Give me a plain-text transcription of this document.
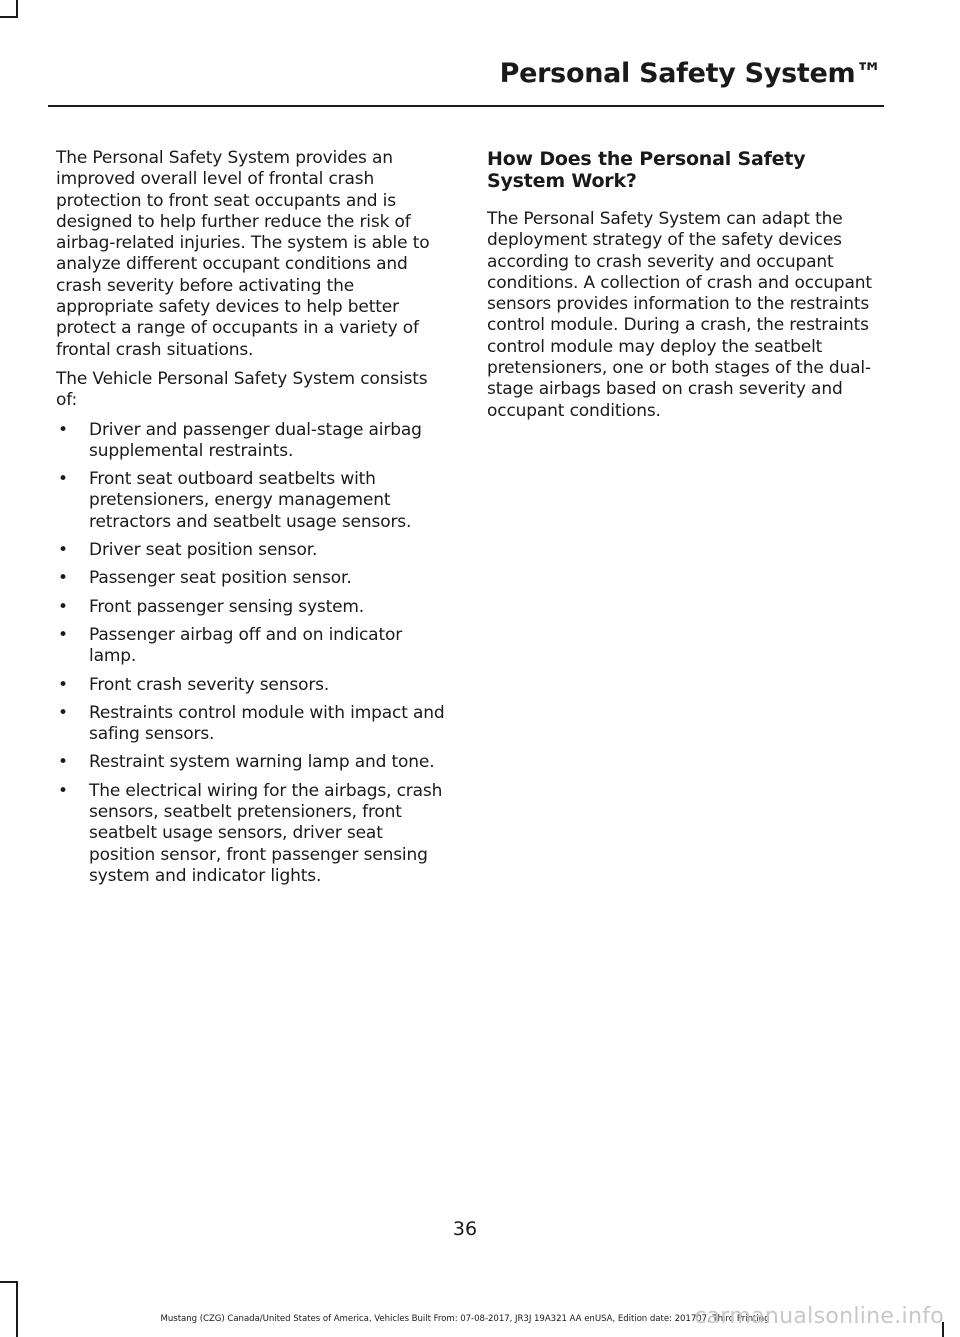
Personal Safety System™

The Personal Safety System provides an improved overall level of frontal crash protection to front seat occupants and is designed to help further reduce the risk of airbag-related injuries. The system is able to analyze different occupant conditions and crash severity before activating the appropriate safety devices to help better protect a range of occupants in a variety of frontal crash situations.

The Vehicle Personal Safety System consists of:

• Driver and passenger dual-stage airbag supplemental restraints.
• Front seat outboard seatbelts with pretensioners, energy management retractors and seatbelt usage sensors.
• Driver seat position sensor.
• Passenger seat position sensor.
• Front passenger sensing system.
• Passenger airbag off and on indicator lamp.
• Front crash severity sensors.
• Restraints control module with impact and safing sensors.
• Restraint system warning lamp and tone.
• The electrical wiring for the airbags, crash sensors, seatbelt pretensioners, front seatbelt usage sensors, driver seat position sensor, front passenger sensing system and indicator lights.
How Does the Personal Safety System Work?

The Personal Safety System can adapt the deployment strategy of the safety devices according to crash severity and occupant conditions. A collection of crash and occupant sensors provides information to the restraints control module. During a crash, the restraints control module may deploy the seatbelt pretensioners, one or both stages of the dual-stage airbags based on crash severity and occupant conditions.

36
Mustang (CZG) Canada/United States of America, Vehicles Built From: 07-08-2017, JR3J 19A321 AA enUSA, Edition date: 201707, Third Printing
carmanualsonline.info
